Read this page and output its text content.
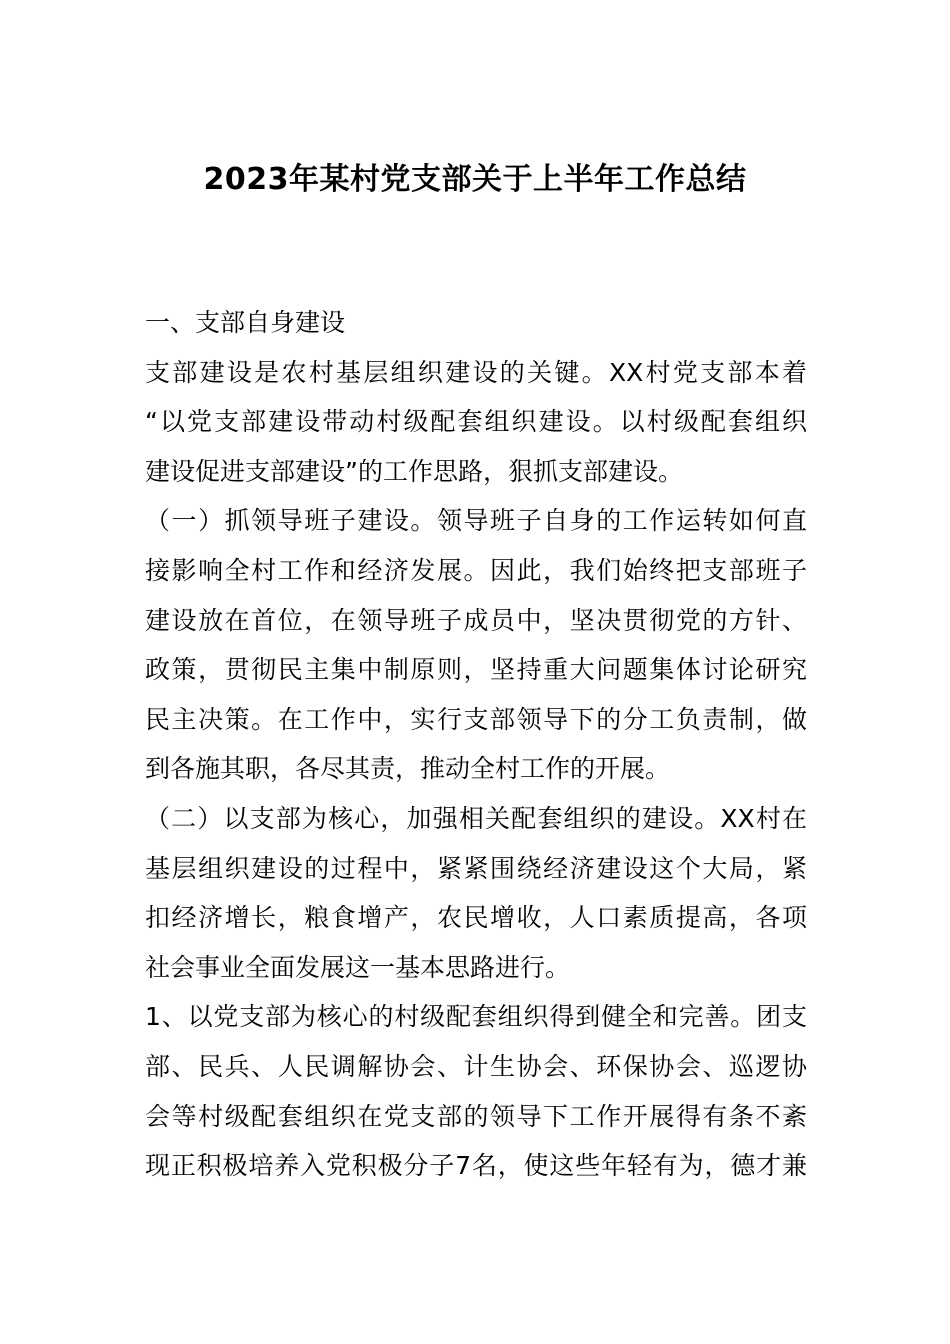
2023年某村党支部关于上半年工作总结
一、支部自身建设
支部建设是农村基层组织建设的关键。XX村党支部本着
“以党支部建设带动村级配套组织建设。以村级配套组织
建设促进支部建设”的工作思路，狠抓支部建设。
（一）抓领导班子建设。领导班子自身的工作运转如何直
接影响全村工作和经济发展。因此，我们始终把支部班子
建设放在首位，在领导班子成员中，坚决贯彻党的方针、
政策，贯彻民主集中制原则，坚持重大问题集体讨论研究
民主决策。在工作中，实行支部领导下的分工负责制，做
到各施其职，各尽其责，推动全村工作的开展。
（二）以支部为核心，加强相关配套组织的建设。XX村在
基层组织建设的过程中，紧紧围绕经济建设这个大局，紧
扣经济增长，粮食增产，农民增收，人口素质提高，各项
社会事业全面发展这一基本思路进行。
1、以党支部为核心的村级配套组织得到健全和完善。团支
部、民兵、人民调解协会、计生协会、环保协会、巡逻协
会等村级配套组织在党支部的领导下工作开展得有条不紊
现正积极培养入党积极分子7名，使这些年轻有为，德才兼
